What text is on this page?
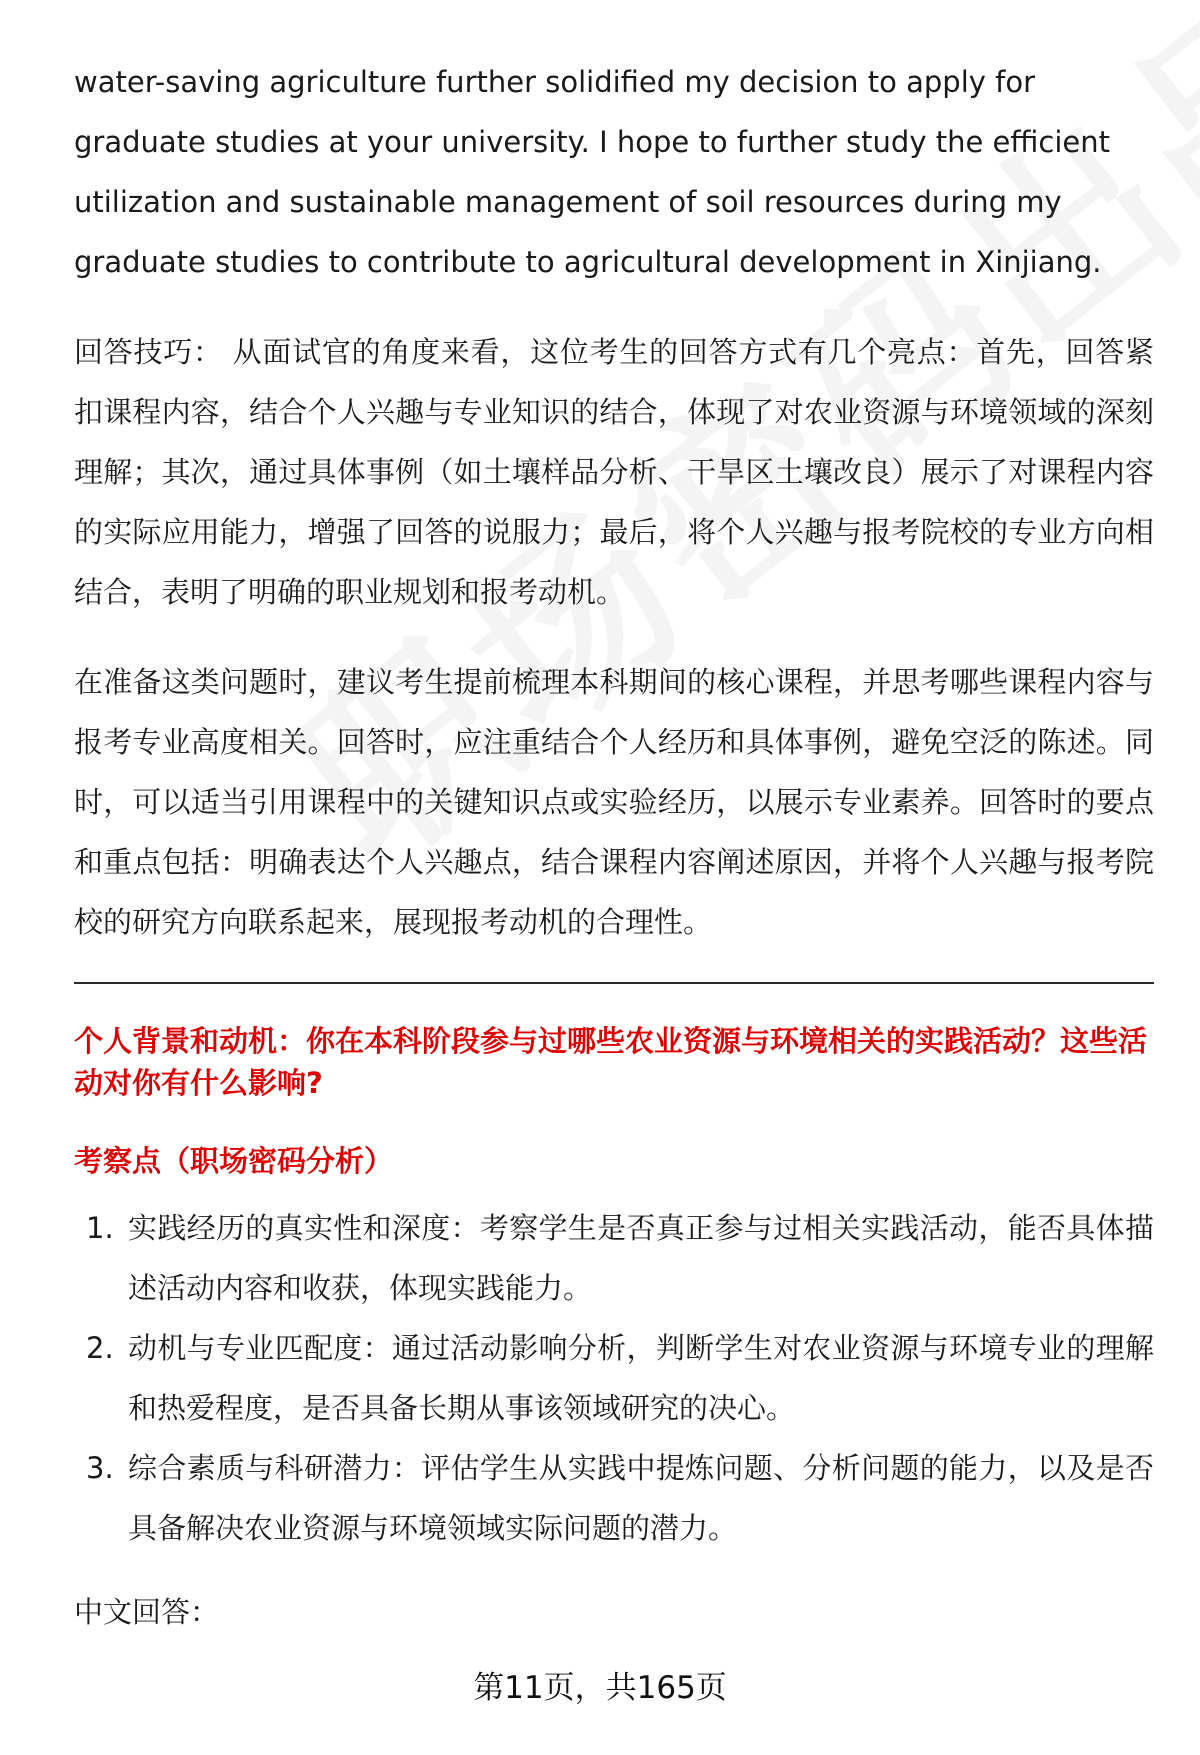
water-saving agriculture further solidified my decision to apply for graduate studies at your university. I hope to further study the efficient utilization and sustainable management of soil resources during my graduate studies to contribute to agricultural development in Xinjiang.

回答技巧： 从面试官的角度来看，这位考生的回答方式有几个亮点：首先，回答紧扣课程内容，结合个人兴趣与专业知识的结合，体现了对农业资源与环境领域的深刻理解；其次，通过具体事例（如土壤样品分析、干旱区土壤改良）展示了对课程内容的实际应用能力，增强了回答的说服力；最后，将个人兴趣与报考院校的专业方向相结合，表明了明确的职业规划和报考动机。

在准备这类问题时，建议考生提前梳理本科期间的核心课程，并思考哪些课程内容与报考专业高度相关。回答时，应注重结合个人经历和具体事例，避免空泛的陈述。同时，可以适当引用课程中的关键知识点或实验经历，以展示专业素养。回答时的要点和重点包括：明确表达个人兴趣点，结合课程内容阐述原因，并将个人兴趣与报考院校的研究方向联系起来，展现报考动机的合理性。

个人背景和动机：你在本科阶段参与过哪些农业资源与环境相关的实践活动？这些活动对你有什么影响?
考察点（职场密码分析）
1. 实践经历的真实性和深度：考察学生是否真正参与过相关实践活动，能否具体描述活动内容和收获，体现实践能力。
2. 动机与专业匹配度：通过活动影响分析，判断学生对农业资源与环境专业的理解和热爱程度，是否具备长期从事该领域研究的决心。
3. 综合素质与科研潜力：评估学生从实践中提炼问题、分析问题的能力，以及是否具备解决农业资源与环境领域实际问题的潜力。

中文回答：

第11页，共165页
